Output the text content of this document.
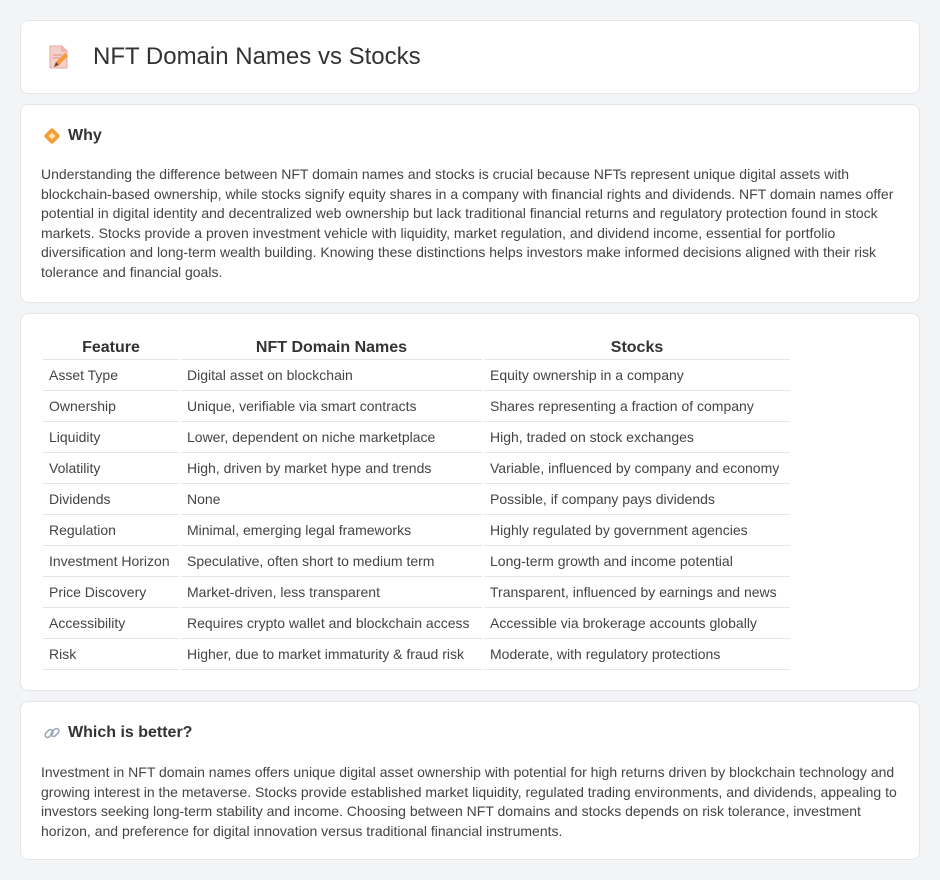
NFT Domain Names vs Stocks
Why

Understanding the difference between NFT domain names and stocks is crucial because NFTs represent unique digital assets with blockchain-based ownership, while stocks signify equity shares in a company with financial rights and dividends. NFT domain names offer potential in digital identity and decentralized web ownership but lack traditional financial returns and regulatory protection found in stock markets. Stocks provide a proven investment vehicle with liquidity, market regulation, and dividend income, essential for portfolio diversification and long-term wealth building. Knowing these distinctions helps investors make informed decisions aligned with their risk tolerance and financial goals.

Feature	NFT Domain Names	Stocks
Asset Type	Digital asset on blockchain	Equity ownership in a company
Ownership	Unique, verifiable via smart contracts	Shares representing a fraction of company
Liquidity	Lower, dependent on niche marketplace	High, traded on stock exchanges
Volatility	High, driven by market hype and trends	Variable, influenced by company and economy
Dividends	None	Possible, if company pays dividends
Regulation	Minimal, emerging legal frameworks	Highly regulated by government agencies
Investment Horizon	Speculative, often short to medium term	Long-term growth and income potential
Price Discovery	Market-driven, less transparent	Transparent, influenced by earnings and news
Accessibility	Requires crypto wallet and blockchain access	Accessible via brokerage accounts globally
Risk	Higher, due to market immaturity & fraud risk	Moderate, with regulatory protections
Which is better?

Investment in NFT domain names offers unique digital asset ownership with potential for high returns driven by blockchain technology and growing interest in the metaverse. Stocks provide established market liquidity, regulated trading environments, and dividends, appealing to investors seeking long-term stability and income. Choosing between NFT domains and stocks depends on risk tolerance, investment horizon, and preference for digital innovation versus traditional financial instruments.
